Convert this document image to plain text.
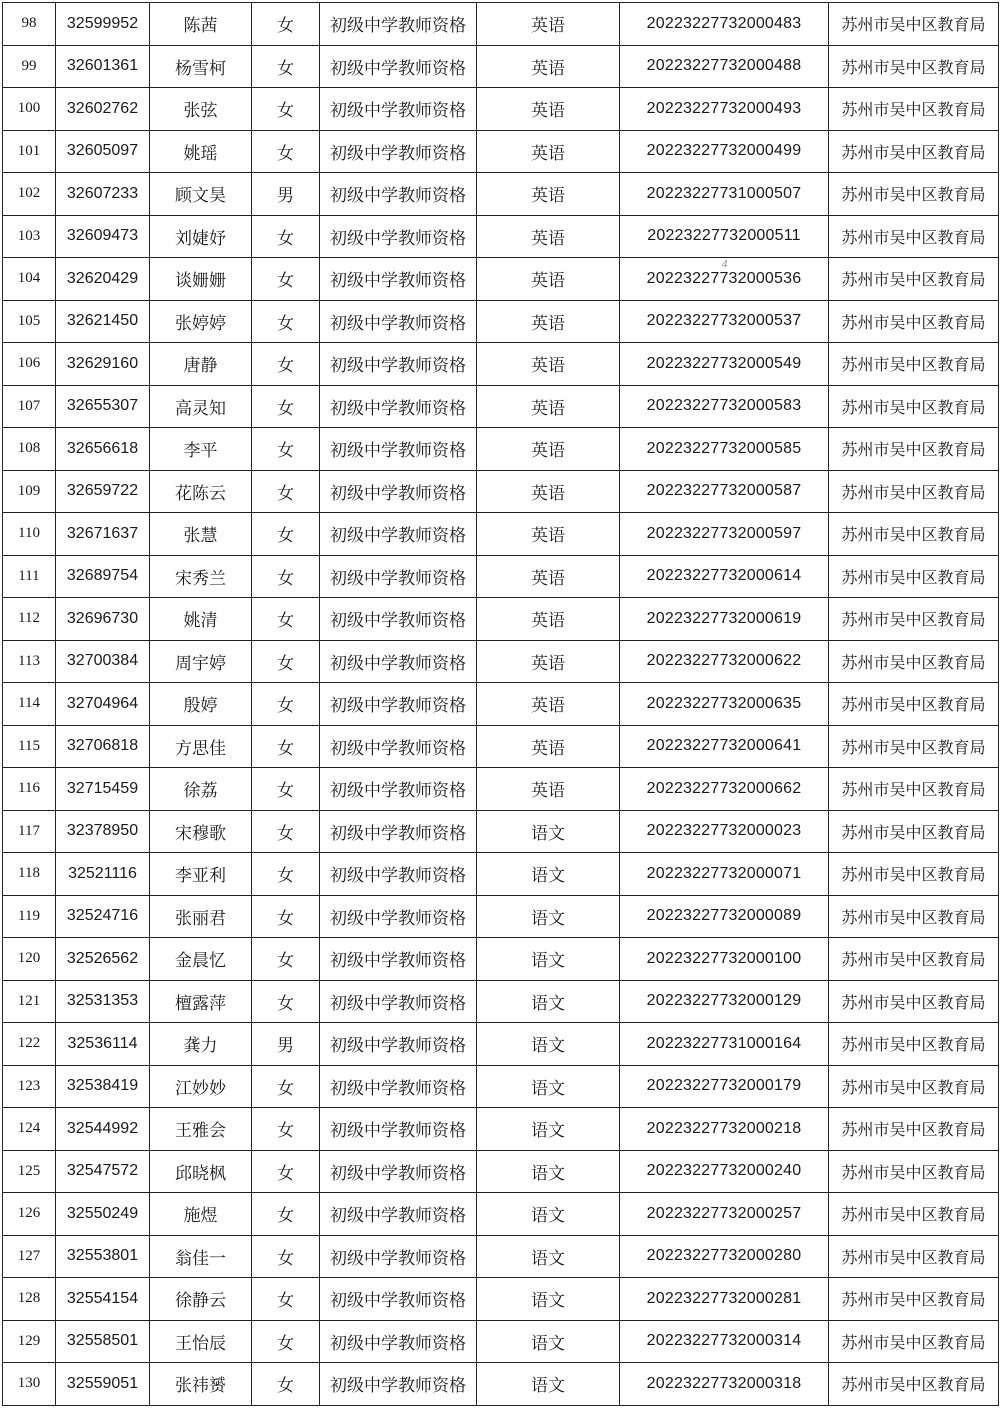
98	32599952	陈茜	女	初级中学教师资格	英语	20223227732000483	苏州市吴中区教育局
99	32601361	杨雪柯	女	初级中学教师资格	英语	20223227732000488	苏州市吴中区教育局
100	32602762	张弦	女	初级中学教师资格	英语	20223227732000493	苏州市吴中区教育局
101	32605097	姚瑶	女	初级中学教师资格	英语	20223227732000499	苏州市吴中区教育局
102	32607233	顾文昊	男	初级中学教师资格	英语	20223227731000507	苏州市吴中区教育局
103	32609473	刘婕妤	女	初级中学教师资格	英语	20223227732000511	苏州市吴中区教育局
104	32620429	谈姗姗	女	初级中学教师资格	英语	20223227732000536	苏州市吴中区教育局
105	32621450	张婷婷	女	初级中学教师资格	英语	20223227732000537	苏州市吴中区教育局
106	32629160	唐静	女	初级中学教师资格	英语	20223227732000549	苏州市吴中区教育局
107	32655307	高灵知	女	初级中学教师资格	英语	20223227732000583	苏州市吴中区教育局
108	32656618	李平	女	初级中学教师资格	英语	20223227732000585	苏州市吴中区教育局
109	32659722	花陈云	女	初级中学教师资格	英语	20223227732000587	苏州市吴中区教育局
110	32671637	张慧	女	初级中学教师资格	英语	20223227732000597	苏州市吴中区教育局
111	32689754	宋秀兰	女	初级中学教师资格	英语	20223227732000614	苏州市吴中区教育局
112	32696730	姚清	女	初级中学教师资格	英语	20223227732000619	苏州市吴中区教育局
113	32700384	周宇婷	女	初级中学教师资格	英语	20223227732000622	苏州市吴中区教育局
114	32704964	殷婷	女	初级中学教师资格	英语	20223227732000635	苏州市吴中区教育局
115	32706818	方思佳	女	初级中学教师资格	英语	20223227732000641	苏州市吴中区教育局
116	32715459	徐荔	女	初级中学教师资格	英语	20223227732000662	苏州市吴中区教育局
117	32378950	宋穆歌	女	初级中学教师资格	语文	20223227732000023	苏州市吴中区教育局
118	32521116	李亚利	女	初级中学教师资格	语文	20223227732000071	苏州市吴中区教育局
119	32524716	张丽君	女	初级中学教师资格	语文	20223227732000089	苏州市吴中区教育局
120	32526562	金晨忆	女	初级中学教师资格	语文	20223227732000100	苏州市吴中区教育局
121	32531353	檀露萍	女	初级中学教师资格	语文	20223227732000129	苏州市吴中区教育局
122	32536114	龚力	男	初级中学教师资格	语文	20223227731000164	苏州市吴中区教育局
123	32538419	江妙妙	女	初级中学教师资格	语文	20223227732000179	苏州市吴中区教育局
124	32544992	王雅会	女	初级中学教师资格	语文	20223227732000218	苏州市吴中区教育局
125	32547572	邱晓枫	女	初级中学教师资格	语文	20223227732000240	苏州市吴中区教育局
126	32550249	施煜	女	初级中学教师资格	语文	20223227732000257	苏州市吴中区教育局
127	32553801	翁佳一	女	初级中学教师资格	语文	20223227732000280	苏州市吴中区教育局
128	32554154	徐静云	女	初级中学教师资格	语文	20223227732000281	苏州市吴中区教育局
129	32558501	王怡辰	女	初级中学教师资格	语文	20223227732000314	苏州市吴中区教育局
130	32559051	张祎赟	女	初级中学教师资格	语文	20223227732000318	苏州市吴中区教育局
4
